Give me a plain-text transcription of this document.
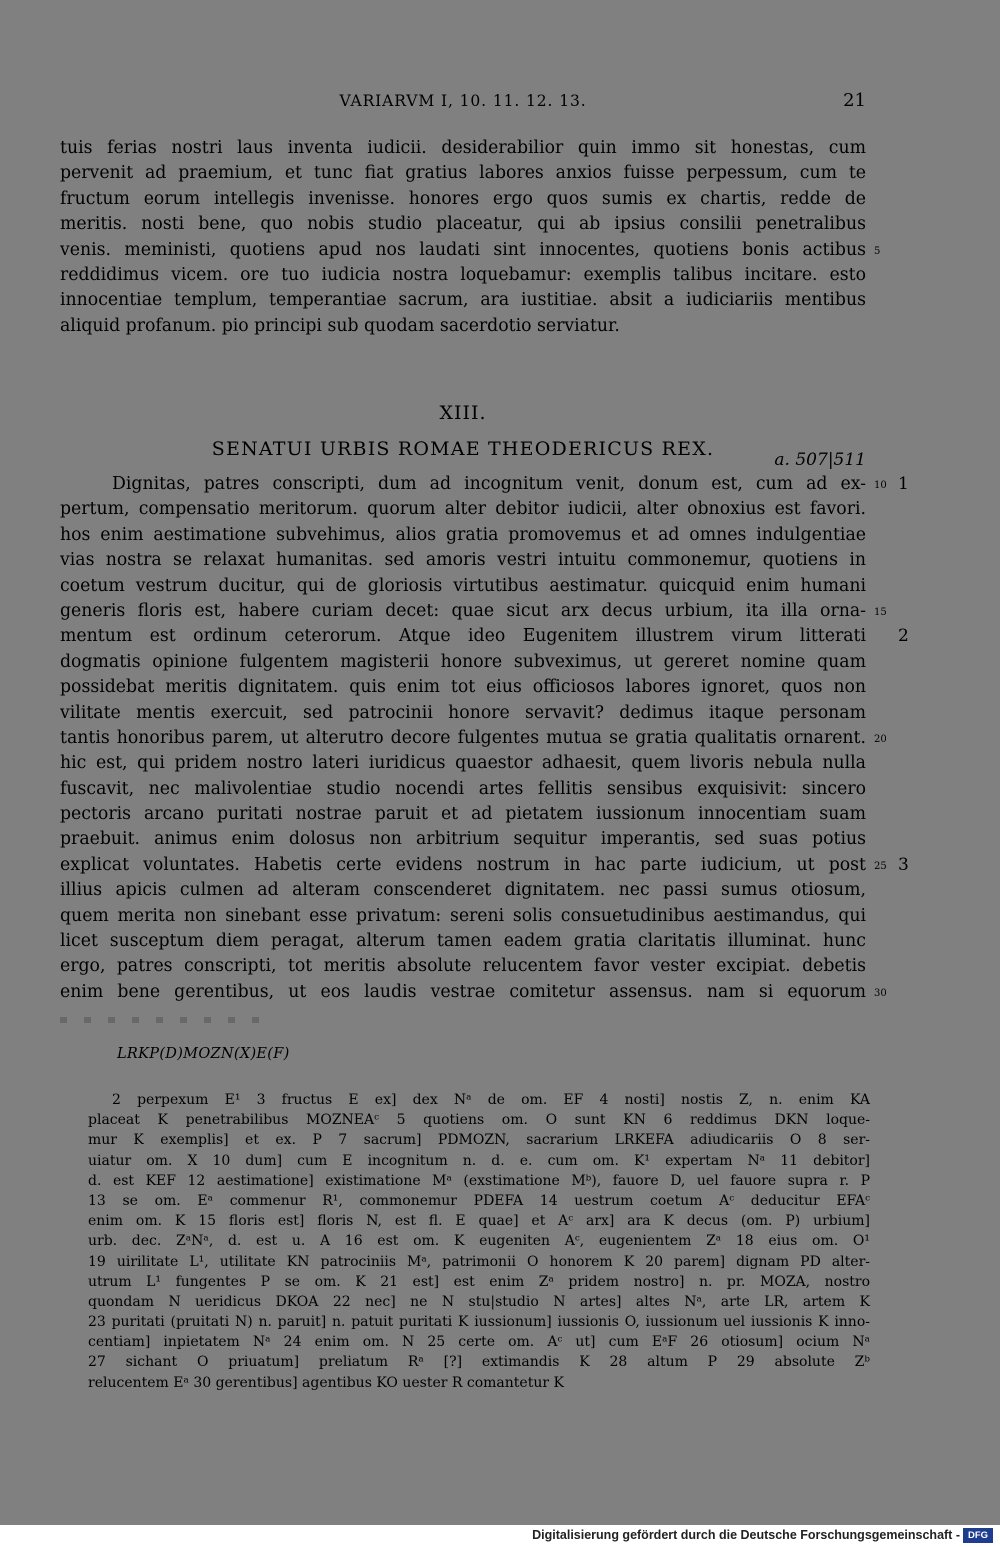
VARIARVM I, 10. 11. 12. 13.	21
tuis ferias nostri laus inventa iudicii. desiderabilior quin immo sit honestas, cum
pervenit ad praemium, et tunc fiat gratius labores anxios fuisse perpessum, cum te
fructum eorum intellegis invenisse. honores ergo quos sumis ex chartis, redde de
meritis. nosti bene, quo nobis studio placeatur, qui ab ipsius consilii penetralibus
venis. meministi, quotiens apud nos laudati sint innocentes, quotiens bonis actibus 5
reddidimus vicem. ore tuo iudicia nostra loquebamur: exemplis talibus incitare. esto
innocentiae templum, temperantiae sacrum, ara iustitiae. absit a iudiciariis mentibus
aliquid profanum. pio principi sub quodam sacerdotio serviatur.
XIII.
SENATUI URBIS ROMAE THEODERICUS REX.	a. 507|511
Dignitas, patres conscripti, dum ad incognitum venit, donum est, cum ad ex- 10 1
pertum, compensatio meritorum. quorum alter debitor iudicii, alter obnoxius est favori.
hos enim aestimatione subvehimus, alios gratia promovemus et ad omnes indulgentiae
vias nostra se relaxat humanitas. sed amoris vestri intuitu commonemur, quotiens in
coetum vestrum ducitur, qui de gloriosis virtutibus aestimatur. quicquid enim humani
generis floris est, habere curiam decet: quae sicut arx decus urbium, ita illa orna- 15
mentum est ordinum ceterorum. Atque ideo Eugenitem illustrem virum litterati 2
dogmatis opinione fulgentem magisterii honore subveximus, ut gereret nomine quam
possidebat meritis dignitatem. quis enim tot eius officiosos labores ignoret, quos non
vilitate mentis exercuit, sed patrocinii honore servavit? dedimus itaque personam
tantis honoribus parem, ut alterutro decore fulgentes mutua se gratia qualitatis ornarent. 20
hic est, qui pridem nostro lateri iuridicus quaestor adhaesit, quem livoris nebula nulla
fuscavit, nec malivolentiae studio nocendi artes fellitis sensibus exquisivit: sincero
pectoris arcano puritati nostrae paruit et ad pietatem iussionum innocentiam suam
praebuit. animus enim dolosus non arbitrium sequitur imperantis, sed suas potius
explicat voluntates. Habetis certe evidens nostrum in hac parte iudicium, ut post 25 3
illius apicis culmen ad alteram conscenderet dignitatem. nec passi sumus otiosum,
quem merita non sinebant esse privatum: sereni solis consuetudinibus aestimandus, qui
licet susceptum diem peragat, alterum tamen eadem gratia claritatis illuminat. hunc
ergo, patres conscripti, tot meritis absolute relucentem favor vester excipiat. debetis
enim bene gerentibus, ut eos laudis vestrae comitetur assensus. nam si equorum 30
LRKP(D)MOZN(X)E(F)
2 perpexum E¹ 3 fructus E ex] dex Nᵃ de om. EF 4 nosti] nostis Z, n. enim KA
placeat K penetrabilibus MOZNEAᶜ 5 quotiens om. O sunt KN 6 reddimus DKN loque-
mur K exemplis] et ex. P 7 sacrum] PDMOZN, sacrarium LRKEFA adiudicariis O 8 ser-
uiatur om. X 10 dum] cum E incognitum n. d. e. cum om. K¹ expertam Nᵃ 11 debitor]
d. est KEF 12 aestimatione] existimatione Mᵃ (exstimatione Mᵇ), fauore D, uel fauore supra r. P
13 se om. Eᵃ commenur R¹, commonemur PDEFA 14 uestrum coetum Aᶜ deducitur EFAᶜ
enim om. K 15 floris est] floris N, est fl. E quae] et Aᶜ arx] ara K decus (om. P) urbium]
urb. dec. ZᵃNᵃ, d. est u. A 16 est om. K eugeniten Aᶜ, eugenientem Zᵃ 18 eius om. O¹
19 uirilitate L¹, utilitate KN patrociniis Mᵃ, patrimonii O honorem K 20 parem] dignam PD alter-
utrum L¹ fungentes P se om. K 21 est] est enim Zᵃ pridem nostro] n. pr. MOZA, nostro
quondam N ueridicus DKOA 22 nec] ne N stu|studio N artes] altes Nᵃ, arte LR, artem K
23 puritati (pruitati N) n. paruit] n. patuit puritati K iussionum] iussionis O, iussionum uel iussionis K inno-
centiam] inpietatem Nᵃ 24 enim om. N 25 certe om. Aᶜ ut] cum EᵃF 26 otiosum] ocium Nᵃ
27 sichant O priuatum] preliatum Rᵃ [?] extimandis K 28 altum P 29 absolute Zᵇ
relucentem Eᵃ 30 gerentibus] agentibus KO uester R comantetur K
Digitalisierung gefördert durch die Deutsche Forschungsgemeinschaft - DFG
